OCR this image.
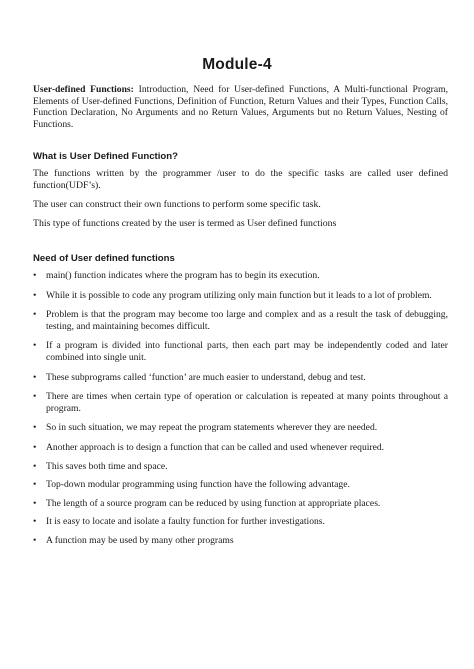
Module-4
User-defined Functions: Introduction, Need for User-defined Functions, A Multi-functional Program, Elements of User-defined Functions, Definition of Function, Return Values and their Types, Function Calls, Function Declaration, No Arguments and no Return Values, Arguments but no Return Values, Nesting of Functions.
What is User Defined Function?
The functions written by the programmer /user to do the specific tasks are called user defined function(UDF’s).
The user can construct their own functions to perform some specific task.
This type of functions created by the user is termed as User defined functions
Need of User defined functions
• main() function indicates where the program has to begin its execution.
• While it is possible to code any program utilizing only main function but it leads to a lot of problem.
• Problem is that the program may become too large and complex and as a result the task of debugging, testing, and maintaining becomes difficult.
• If a program is divided into functional parts, then each part may be independently coded and later combined into single unit.
• These subprograms called ‘function’ are much easier to understand, debug and test.
• There are times when certain type of operation or calculation is repeated at many points throughout a program.
• So in such situation, we may repeat the program statements wherever they are needed.
• Another approach is to design a function that can be called and used whenever required.
• This saves both time and space.
• Top-down modular programming using function have the following advantage.
• The length of a source program can be reduced by using function at appropriate places.
• It is easy to locate and isolate a faulty function for further investigations.
• A function may be used by many other programs
